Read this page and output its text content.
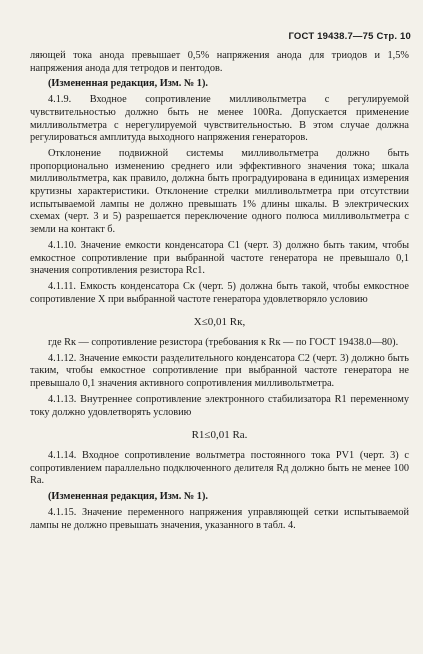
ГОСТ 19438.7—75 Стр. 10

ляющей тока анода превышает 0,5% напряжения анода для триодов и 1,5% напряжения анода для тетродов и пентодов.

(Измененная редакция, Изм. № 1).

4.1.9. Входное сопротивление милливольтметра с регулируемой чувствительностью должно быть не менее 100Ra. Допускается применение милливольтметра с нерегулируемой чувствительностью. В этом случае должна регулироваться амплитуда выходного напряжения генераторов.

Отклонение подвижной системы милливольтметра должно быть пропорционально изменению среднего или эффективного значения тока; шкала милливольтметра, как правило, должна быть проградуирована в единицах измерения крутизны характеристики. Отклонение стрелки милливольтметра при отсутствии испытываемой лампы не должно превышать 1% длины шкалы. В электрических схемах (черт. 3 и 5) разрешается переключение одного полюса милливольтметра с земли на контакт б.

4.1.10. Значение емкости конденсатора C1 (черт. 3) должно быть таким, чтобы емкостное сопротивление при выбранной частоте генератора не превышало 0,1 значения сопротивления резистора Rc1.

4.1.11. Емкость конденсатора Ск (черт. 5) должна быть такой, чтобы емкостное сопротивление X при выбранной частоте генератора удовлетворяло условию

X≤0,01 Rк,

где Rк — сопротивление резистора (требования к Rк — по ГОСТ 19438.0—80).

4.1.12. Значение емкости разделительного конденсатора C2 (черт. 3) должно быть таким, чтобы емкостное сопротивление при выбранной частоте генератора не превышало 0,1 значения активного сопротивления милливольтметра.

4.1.13. Внутреннее сопротивление электронного стабилизатора R1 переменному току должно удовлетворять условию

R1≤0,01 Ra.

4.1.14. Входное сопротивление вольтметра постоянного тока PV1 (черт. 3) с сопротивлением параллельно подключенного делителя Rд должно быть не менее 100 Ra.

(Измененная редакция, Изм. № 1).

4.1.15. Значение переменного напряжения управляющей сетки испытываемой лампы не должно превышать значения, указанного в табл. 4.
